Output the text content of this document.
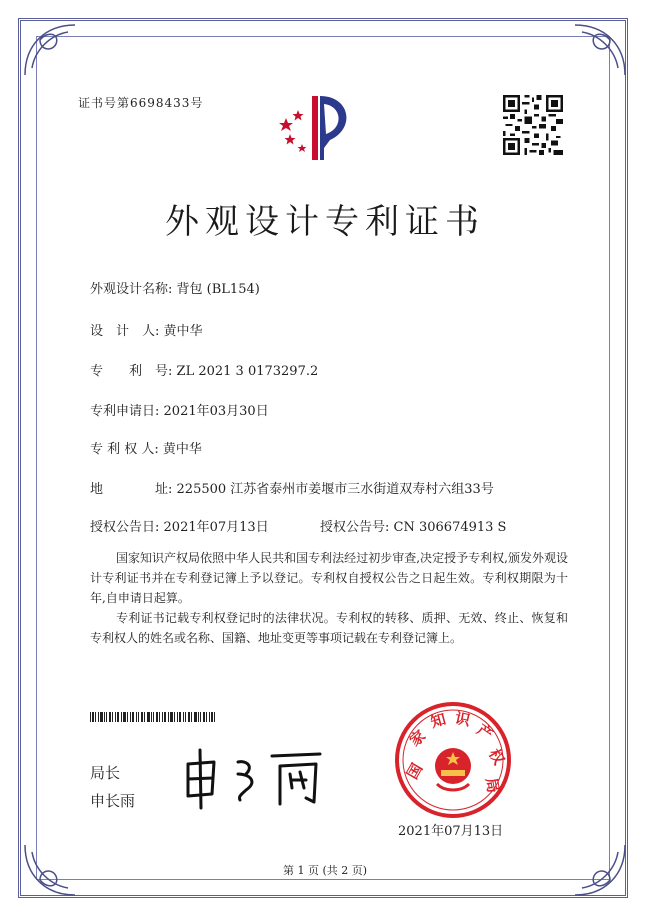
证书号第6698433号
外观设计专利证书
外观设计名称: 背包 (BL154)
设　计　人: 黄中华
专　　利　号: ZL 2021 3 0173297.2
专利申请日: 2021年03月30日
专 利 权 人: 黄中华
地　　　　址: 225500 江苏省泰州市姜堰市三水街道双寿村六组33号
授权公告日: 2021年07月13日	授权公告号: CN 306674913 S
国家知识产权局依照中华人民共和国专利法经过初步审查,决定授予专利权,颁发外观设计专利证书并在专利登记簿上予以登记。专利权自授权公告之日起生效。专利权期限为十年,自申请日起算。
专利证书记载专利权登记时的法律状况。专利权的转移、质押、无效、终止、恢复和专利权人的姓名或名称、国籍、地址变更等事项记载在专利登记簿上。
局长
申长雨
国
家
知 识
产
权
局
2021年07月13日
第 1 页 (共 2 页)
